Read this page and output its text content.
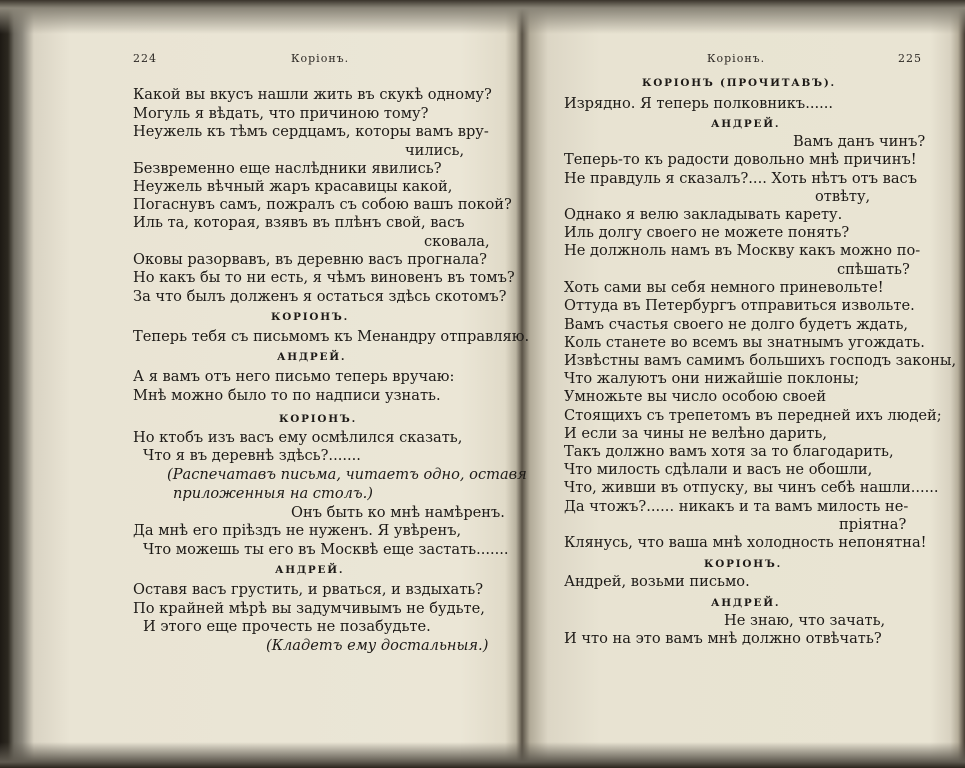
224	Корiонъ.
Какой вы вкусъ нашли жить въ скукѣ одному?
Могуль я вѣдать, что причиною тому?
Неужель къ тѣмъ сердцамъ, которы вамъ вру-
чились,
Безвременно еще наслѣдники явились?
Неужель вѣчный жаръ красавицы какой,
Погаснувъ самъ, пожралъ съ собою вашъ покой?
Иль та, которая, взявъ въ плѣнъ свой, васъ
сковала,
Оковы разорвавъ, въ деревню васъ прогнала?
Но какъ бы то ни есть, я чѣмъ виновенъ въ томъ?
За что былъ долженъ я остаться здѣсь скотомъ?
КОРIОНЪ.
Теперь тебя съ письмомъ къ Менандру отправляю.
АНДРЕЙ.
А я вамъ отъ него письмо теперь вручаю:
Мнѣ можно было то по надписи узнать.
КОРIОНЪ.
Но ктобъ изъ васъ ему осмѣлился сказать,
Что я въ деревнѣ здѣсь?.......
(Распечатавъ письма, читаетъ одно, оставя
приложенныя на столъ.)
Онъ быть ко мнѣ намѣренъ.
Да мнѣ его прiѣздъ не нуженъ. Я увѣренъ,
Что можешь ты его въ Москвѣ еще застать.......
АНДРЕЙ.
Оставя васъ грустить, и рваться, и вздыхать?
По крайней мѣрѣ вы задумчивымъ не будьте,
И этого еще прочесть не позабудьте.
(Кладетъ ему достальныя.)
Корiонъ.	225
КОРIОНЪ (ПРОЧИТАВЪ).
Изрядно. Я теперь полковникъ......
АНДРЕЙ.
Вамъ данъ чинъ?
Теперь-то къ радости довольно мнѣ причинъ!
Не правдуль я сказалъ?.... Хоть нѣтъ отъ васъ
отвѣту,
Однако я велю закладывать карету.
Иль долгу своего не можете понять?
Не должноль намъ въ Москву какъ можно по-
спѣшать?
Хоть сами вы себя немного приневольте!
Оттуда въ Петербургъ отправиться извольте.
Вамъ счастья своего не долго будетъ ждать,
Коль станете во всемъ вы знатнымъ угождать.
Извѣстны вамъ самимъ большихъ господъ законы,
Что жалуютъ они нижайшiе поклоны;
Умножьте вы число особою своей
Стоящихъ съ трепетомъ въ передней ихъ людей;
И если за чины не велѣно дарить,
Такъ должно вамъ хотя за то благодарить,
Что милость сдѣлали и васъ не обошли,
Что, живши въ отпуску, вы чинъ себѣ нашли......
Да чтожъ?...... никакъ и та вамъ милость не-
прiятна?
Клянусь, что ваша мнѣ холодность непонятна!
КОРIОНЪ.
Андрей, возьми письмо.
АНДРЕЙ.
Не знаю, что зачать,
И что на это вамъ мнѣ должно отвѣчать?
